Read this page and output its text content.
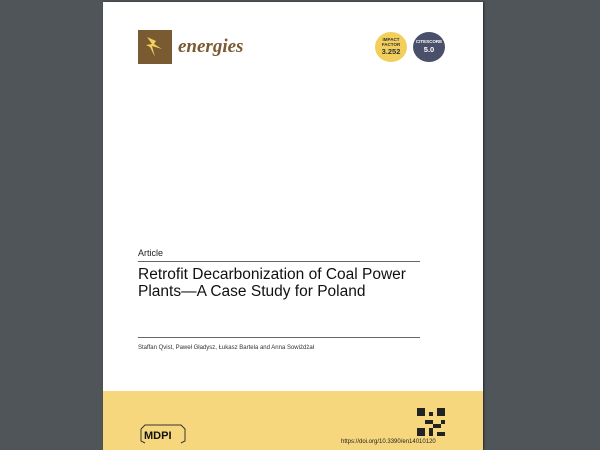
energies	IMPACT
FACTOR
3.252
CITESCORE
5.0
Article
Retrofit Decarbonization of Coal Power Plants—A Case Study for Poland
Staffan Qvist, Paweł Gładysz, Łukasz Bartela and Anna Sowiżdżał
MDPI	https://doi.org/10.3390/en14010120
